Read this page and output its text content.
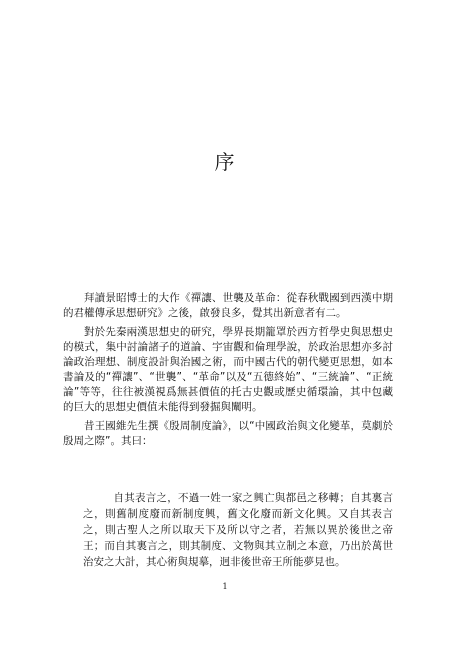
序

拜讀景昭博士的大作《禪讓、世襲及革命：從春秋戰國到西漢中期的君權傳承思想研究》之後，啟發良多，覺其出新意者有二。

對於先秦兩漢思想史的研究，學界長期籠罩於西方哲學史與思想史的模式，集中討論諸子的道論、宇宙觀和倫理學說，於政治思想亦多討論政治理想、制度設計與治國之術，而中國古代的朝代變更思想，如本書論及的“禪讓”、“世襲”、“革命”以及“五德終始”、“三統論”、“正統論”等等，往往被漢視爲無甚價值的托古史觀或歷史循環論，其中包藏的巨大的思想史價值未能得到發掘與闡明。

昔王國維先生撰《殷周制度論》，以“中國政治與文化變革，莫劇於殷周之際”。其曰：

自其表言之，不過一姓一家之興亡與都邑之移轉；自其裏言之，則舊制度廢而新制度興，舊文化廢而新文化興。又自其表言之，則古聖人之所以取天下及所以守之者，若無以異於後世之帝王；而自其裏言之，則其制度、文物與其立制之本意，乃出於萬世治安之大計，其心術與規摹，迥非後世帝王所能夢見也。
1
